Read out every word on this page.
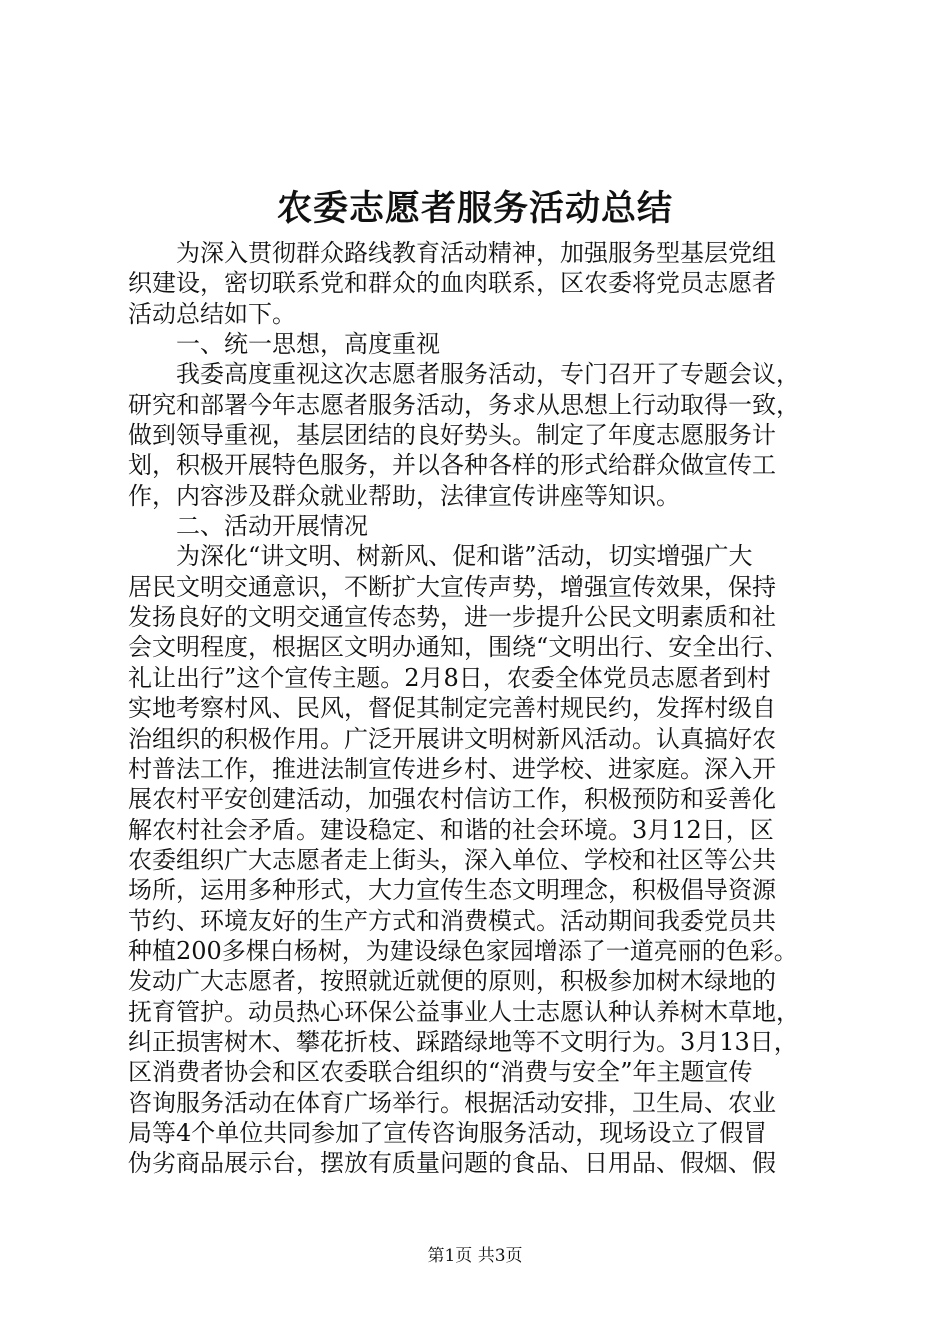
农委志愿者服务活动总结
　　为深入贯彻群众路线教育活动精神，加强服务型基层党组
织建设，密切联系党和群众的血肉联系，区农委将党员志愿者
活动总结如下。
　　一、统一思想，高度重视
　　我委高度重视这次志愿者服务活动，专门召开了专题会议，
研究和部署今年志愿者服务活动，务求从思想上行动取得一致，
做到领导重视，基层团结的良好势头。制定了年度志愿服务计
划，积极开展特色服务，并以各种各样的形式给群众做宣传工
作，内容涉及群众就业帮助，法律宣传讲座等知识。
　　二、活动开展情况
　　为深化“讲文明、树新风、促和谐”活动，切实增强广大
居民文明交通意识，不断扩大宣传声势，增强宣传效果，保持
发扬良好的文明交通宣传态势，进一步提升公民文明素质和社
会文明程度，根据区文明办通知，围绕“文明出行、安全出行、
礼让出行”这个宣传主题。2月8日，农委全体党员志愿者到村
实地考察村风、民风，督促其制定完善村规民约，发挥村级自
治组织的积极作用。广泛开展讲文明树新风活动。认真搞好农
村普法工作，推进法制宣传进乡村、进学校、进家庭。深入开
展农村平安创建活动，加强农村信访工作，积极预防和妥善化
解农村社会矛盾。建设稳定、和谐的社会环境。3月12日，区
农委组织广大志愿者走上街头，深入单位、学校和社区等公共
场所，运用多种形式，大力宣传生态文明理念，积极倡导资源
节约、环境友好的生产方式和消费模式。活动期间我委党员共
种植200多棵白杨树，为建设绿色家园增添了一道亮丽的色彩。
发动广大志愿者，按照就近就便的原则，积极参加树木绿地的
抚育管护。动员热心环保公益事业人士志愿认种认养树木草地，
纠正损害树木、攀花折枝、踩踏绿地等不文明行为。3月13日，
区消费者协会和区农委联合组织的“消费与安全”年主题宣传
咨询服务活动在体育广场举行。根据活动安排，卫生局、农业
局等4个单位共同参加了宣传咨询服务活动，现场设立了假冒
伪劣商品展示台，摆放有质量问题的食品、日用品、假烟、假
第1页 共3页
